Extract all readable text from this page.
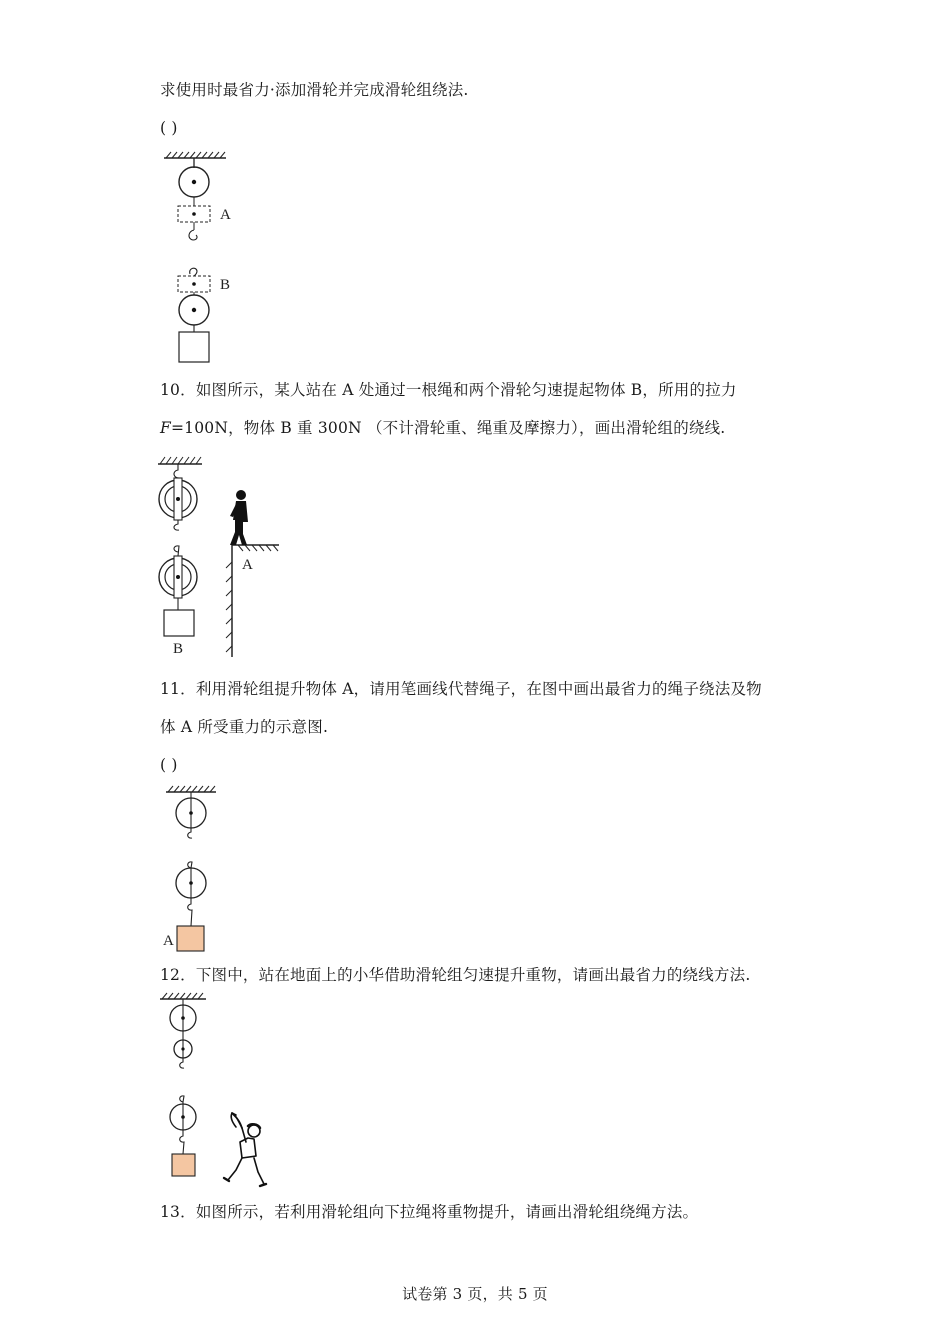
求使用时最省力·添加滑轮并完成滑轮组绕法.
( )
A
B
10．如图所示，某人站在 A 处通过一根绳和两个滑轮匀速提起物体 B，所用的拉力
F=100N，物体 B 重 300N （不计滑轮重、绳重及摩擦力），画出滑轮组的绕线.
B
A
11．利用滑轮组提升物体 A，请用笔画线代替绳子，在图中画出最省力的绳子绕法及物
体 A 所受重力的示意图.
( )
A
12．下图中，站在地面上的小华借助滑轮组匀速提升重物，请画出最省力的绕线方法.
13．如图所示，若利用滑轮组向下拉绳将重物提升，请画出滑轮组绕绳方法。
试卷第 3 页，共 5 页
